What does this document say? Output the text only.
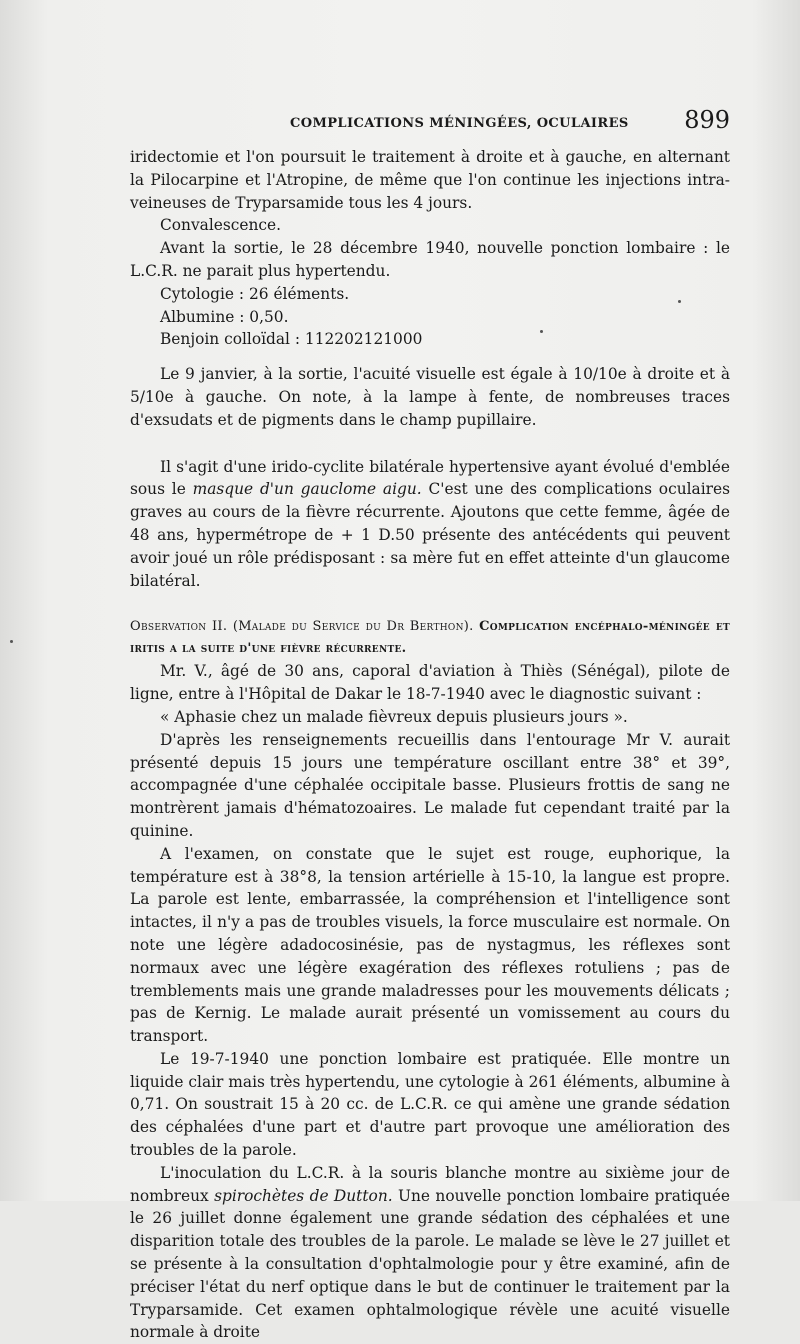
COMPLICATIONS MÉNINGÉES, OCULAIRES 899

iridectomie et l'on poursuit le traitement à droite et à gauche, en alternant la Pilocarpine et l'Atropine, de même que l'on continue les injections intra-veineuses de Tryparsamide tous les 4 jours.

Convalescence.

Avant la sortie, le 28 décembre 1940, nouvelle ponction lombaire : le L.C.R. ne parait plus hypertendu.

Cytologie : 26 éléments.

Albumine : 0,50.

Benjoin colloïdal : 112202121000

Le 9 janvier, à la sortie, l'acuité visuelle est égale à 10/10e à droite et à 5/10e à gauche. On note, à la lampe à fente, de nombreuses traces d'exsudats et de pigments dans le champ pupillaire.

Il s'agit d'une irido-cyclite bilatérale hypertensive ayant évolué d'emblée sous le masque d'un gauclome aigu. C'est une des complications oculaires graves au cours de la fièvre récurrente. Ajoutons que cette femme, âgée de 48 ans, hypermétrope de + 1 D.50 présente des antécédents qui peuvent avoir joué un rôle prédisposant : sa mère fut en effet atteinte d'un glaucome bilatéral.

Observation II. (Malade du Service du Dr Berthon). Complication encéphalo-méningée et iritis a la suite d'une fièvre récurrente.

Mr. V., âgé de 30 ans, caporal d'aviation à Thiès (Sénégal), pilote de ligne, entre à l'Hôpital de Dakar le 18-7-1940 avec le diagnostic suivant :

« Aphasie chez un malade fièvreux depuis plusieurs jours ».

D'après les renseignements recueillis dans l'entourage Mr V. aurait présenté depuis 15 jours une température oscillant entre 38° et 39°, accompagnée d'une céphalée occipitale basse. Plusieurs frottis de sang ne montrèrent jamais d'hématozoaires. Le malade fut cependant traité par la quinine.

A l'examen, on constate que le sujet est rouge, euphorique, la température est à 38°8, la tension artérielle à 15-10, la langue est propre. La parole est lente, embarrassée, la compréhension et l'intelligence sont intactes, il n'y a pas de troubles visuels, la force musculaire est normale. On note une légère adadocosinésie, pas de nystagmus, les réflexes sont normaux avec une légère exagération des réflexes rotuliens ; pas de tremblements mais une grande maladresses pour les mouvements délicats ; pas de Kernig. Le malade aurait présenté un vomissement au cours du transport.

Le 19-7-1940 une ponction lombaire est pratiquée. Elle montre un liquide clair mais très hypertendu, une cytologie à 261 éléments, albumine à 0,71. On soustrait 15 à 20 cc. de L.C.R. ce qui amène une grande sédation des céphalées d'une part et d'autre part provoque une amélioration des troubles de la parole.

L'inoculation du L.C.R. à la souris blanche montre au sixième jour de nombreux spirochètes de Dutton. Une nouvelle ponction lombaire pratiquée le 26 juillet donne également une grande sédation des céphalées et une disparition totale des troubles de la parole. Le malade se lève le 27 juillet et se présente à la consultation d'ophtalmologie pour y être examiné, afin de préciser l'état du nerf optique dans le but de continuer le traitement par la Tryparsamide. Cet examen ophtalmologique révèle une acuité visuelle normale à droite
